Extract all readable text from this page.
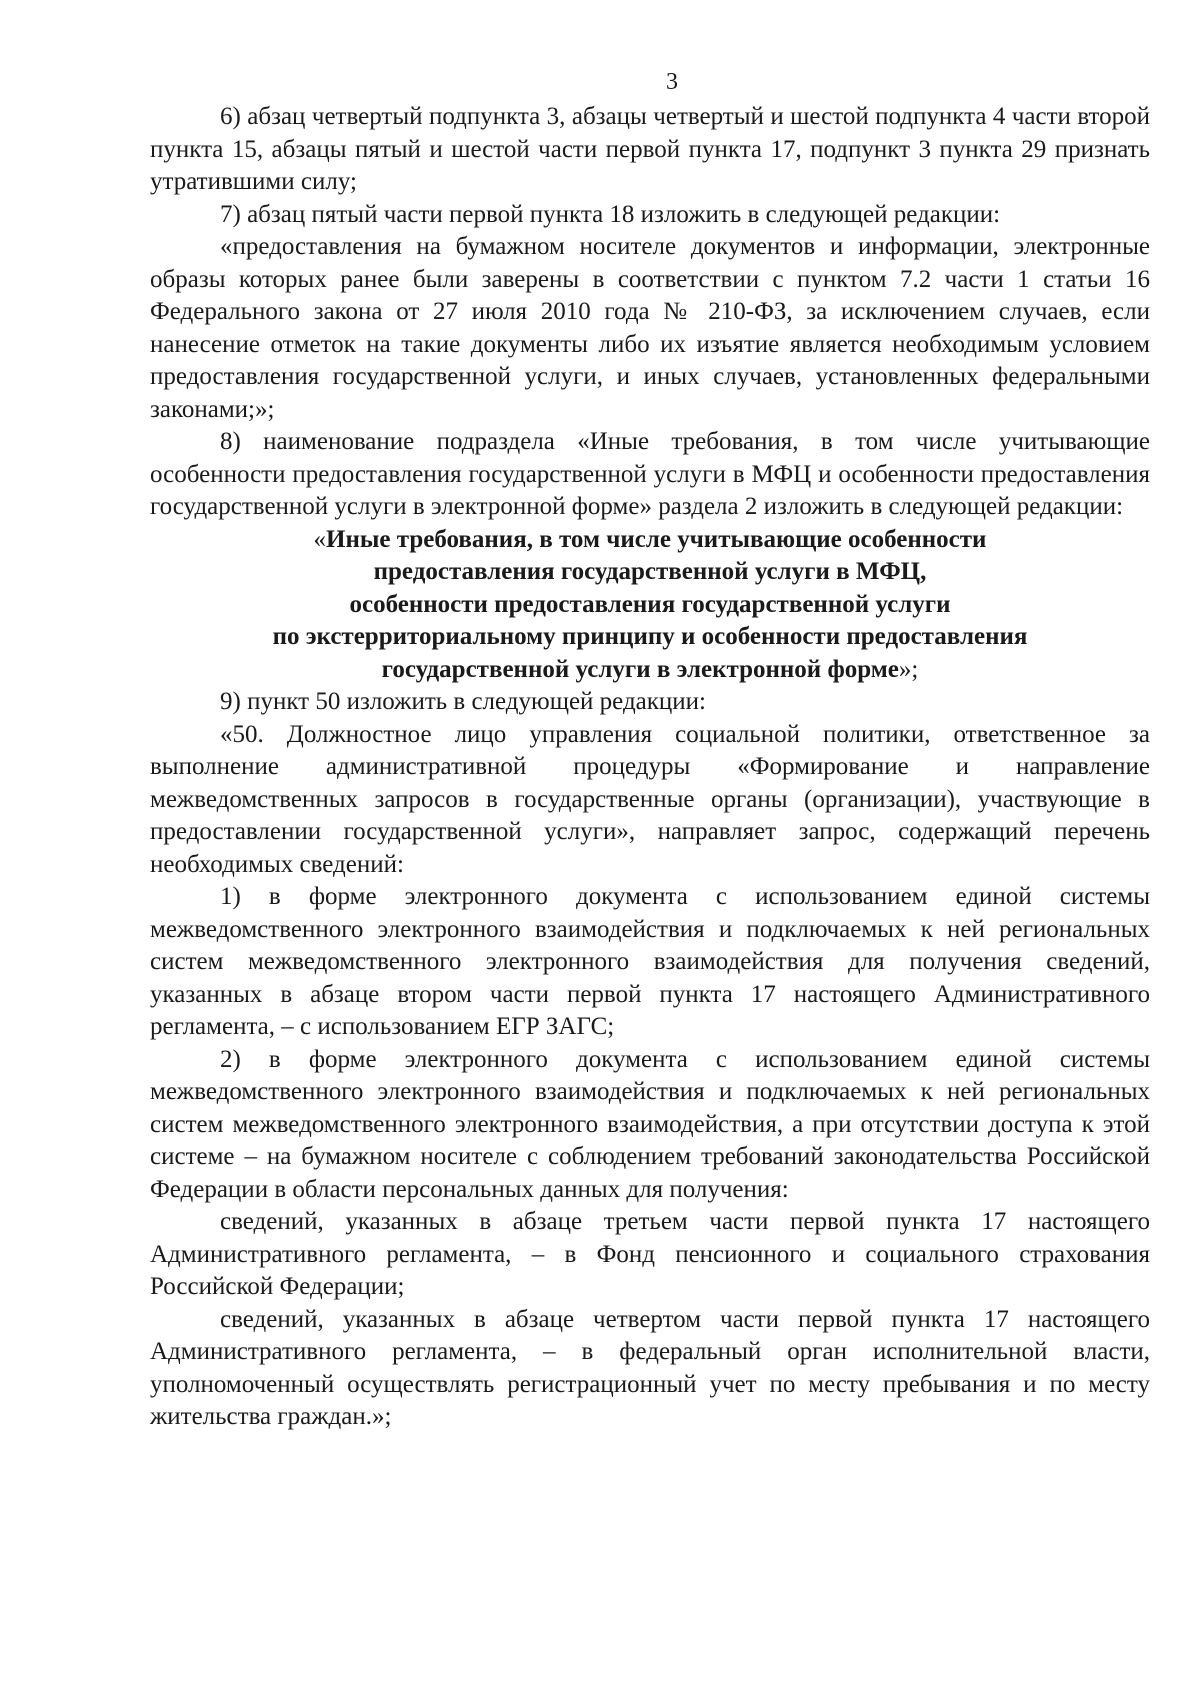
3

6) абзац четвертый подпункта 3, абзацы четвертый и шестой подпункта 4 части второй пункта 15, абзацы пятый и шестой части первой пункта 17, подпункт 3 пункта 29 признать утратившими силу;

7) абзац пятый части первой пункта 18 изложить в следующей редакции:

«предоставления на бумажном носителе документов и информации, электронные образы которых ранее были заверены в соответствии с пунктом 7.2 части 1 статьи 16 Федерального закона от 27 июля 2010 года № 210-ФЗ, за исключением случаев, если нанесение отметок на такие документы либо их изъятие является необходимым условием предоставления государственной услуги, и иных случаев, установленных федеральными законами;»;

8) наименование подраздела «Иные требования, в том числе учитывающие особенности предоставления государственной услуги в МФЦ и особенности предоставления государственной услуги в электронной форме» раздела 2 изложить в следующей редакции:

«Иные требования, в том числе учитывающие особенности
предоставления государственной услуги в МФЦ,
особенности предоставления государственной услуги
по экстерриториальному принципу и особенности предоставления
государственной услуги в электронной форме»;

9) пункт 50 изложить в следующей редакции:

«50. Должностное лицо управления социальной политики, ответственное за выполнение административной процедуры «Формирование и направление межведомственных запросов в государственные органы (организации), участвующие в предоставлении государственной услуги», направляет запрос, содержащий перечень необходимых сведений:

1) в форме электронного документа с использованием единой системы межведомственного электронного взаимодействия и подключаемых к ней региональных систем межведомственного электронного взаимодействия для получения сведений, указанных в абзаце втором части первой пункта 17 настоящего Административного регламента, – с использованием ЕГР ЗАГС;

2) в форме электронного документа с использованием единой системы межведомственного электронного взаимодействия и подключаемых к ней региональных систем межведомственного электронного взаимодействия, а при отсутствии доступа к этой системе – на бумажном носителе с соблюдением требований законодательства Российской Федерации в области персональных данных для получения:

сведений, указанных в абзаце третьем части первой пункта 17 настоящего Административного регламента, – в Фонд пенсионного и социального страхования Российской Федерации;

сведений, указанных в абзаце четвертом части первой пункта 17 настоящего Административного регламента, – в федеральный орган исполнительной власти, уполномоченный осуществлять регистрационный учет по месту пребывания и по месту жительства граждан.»;
